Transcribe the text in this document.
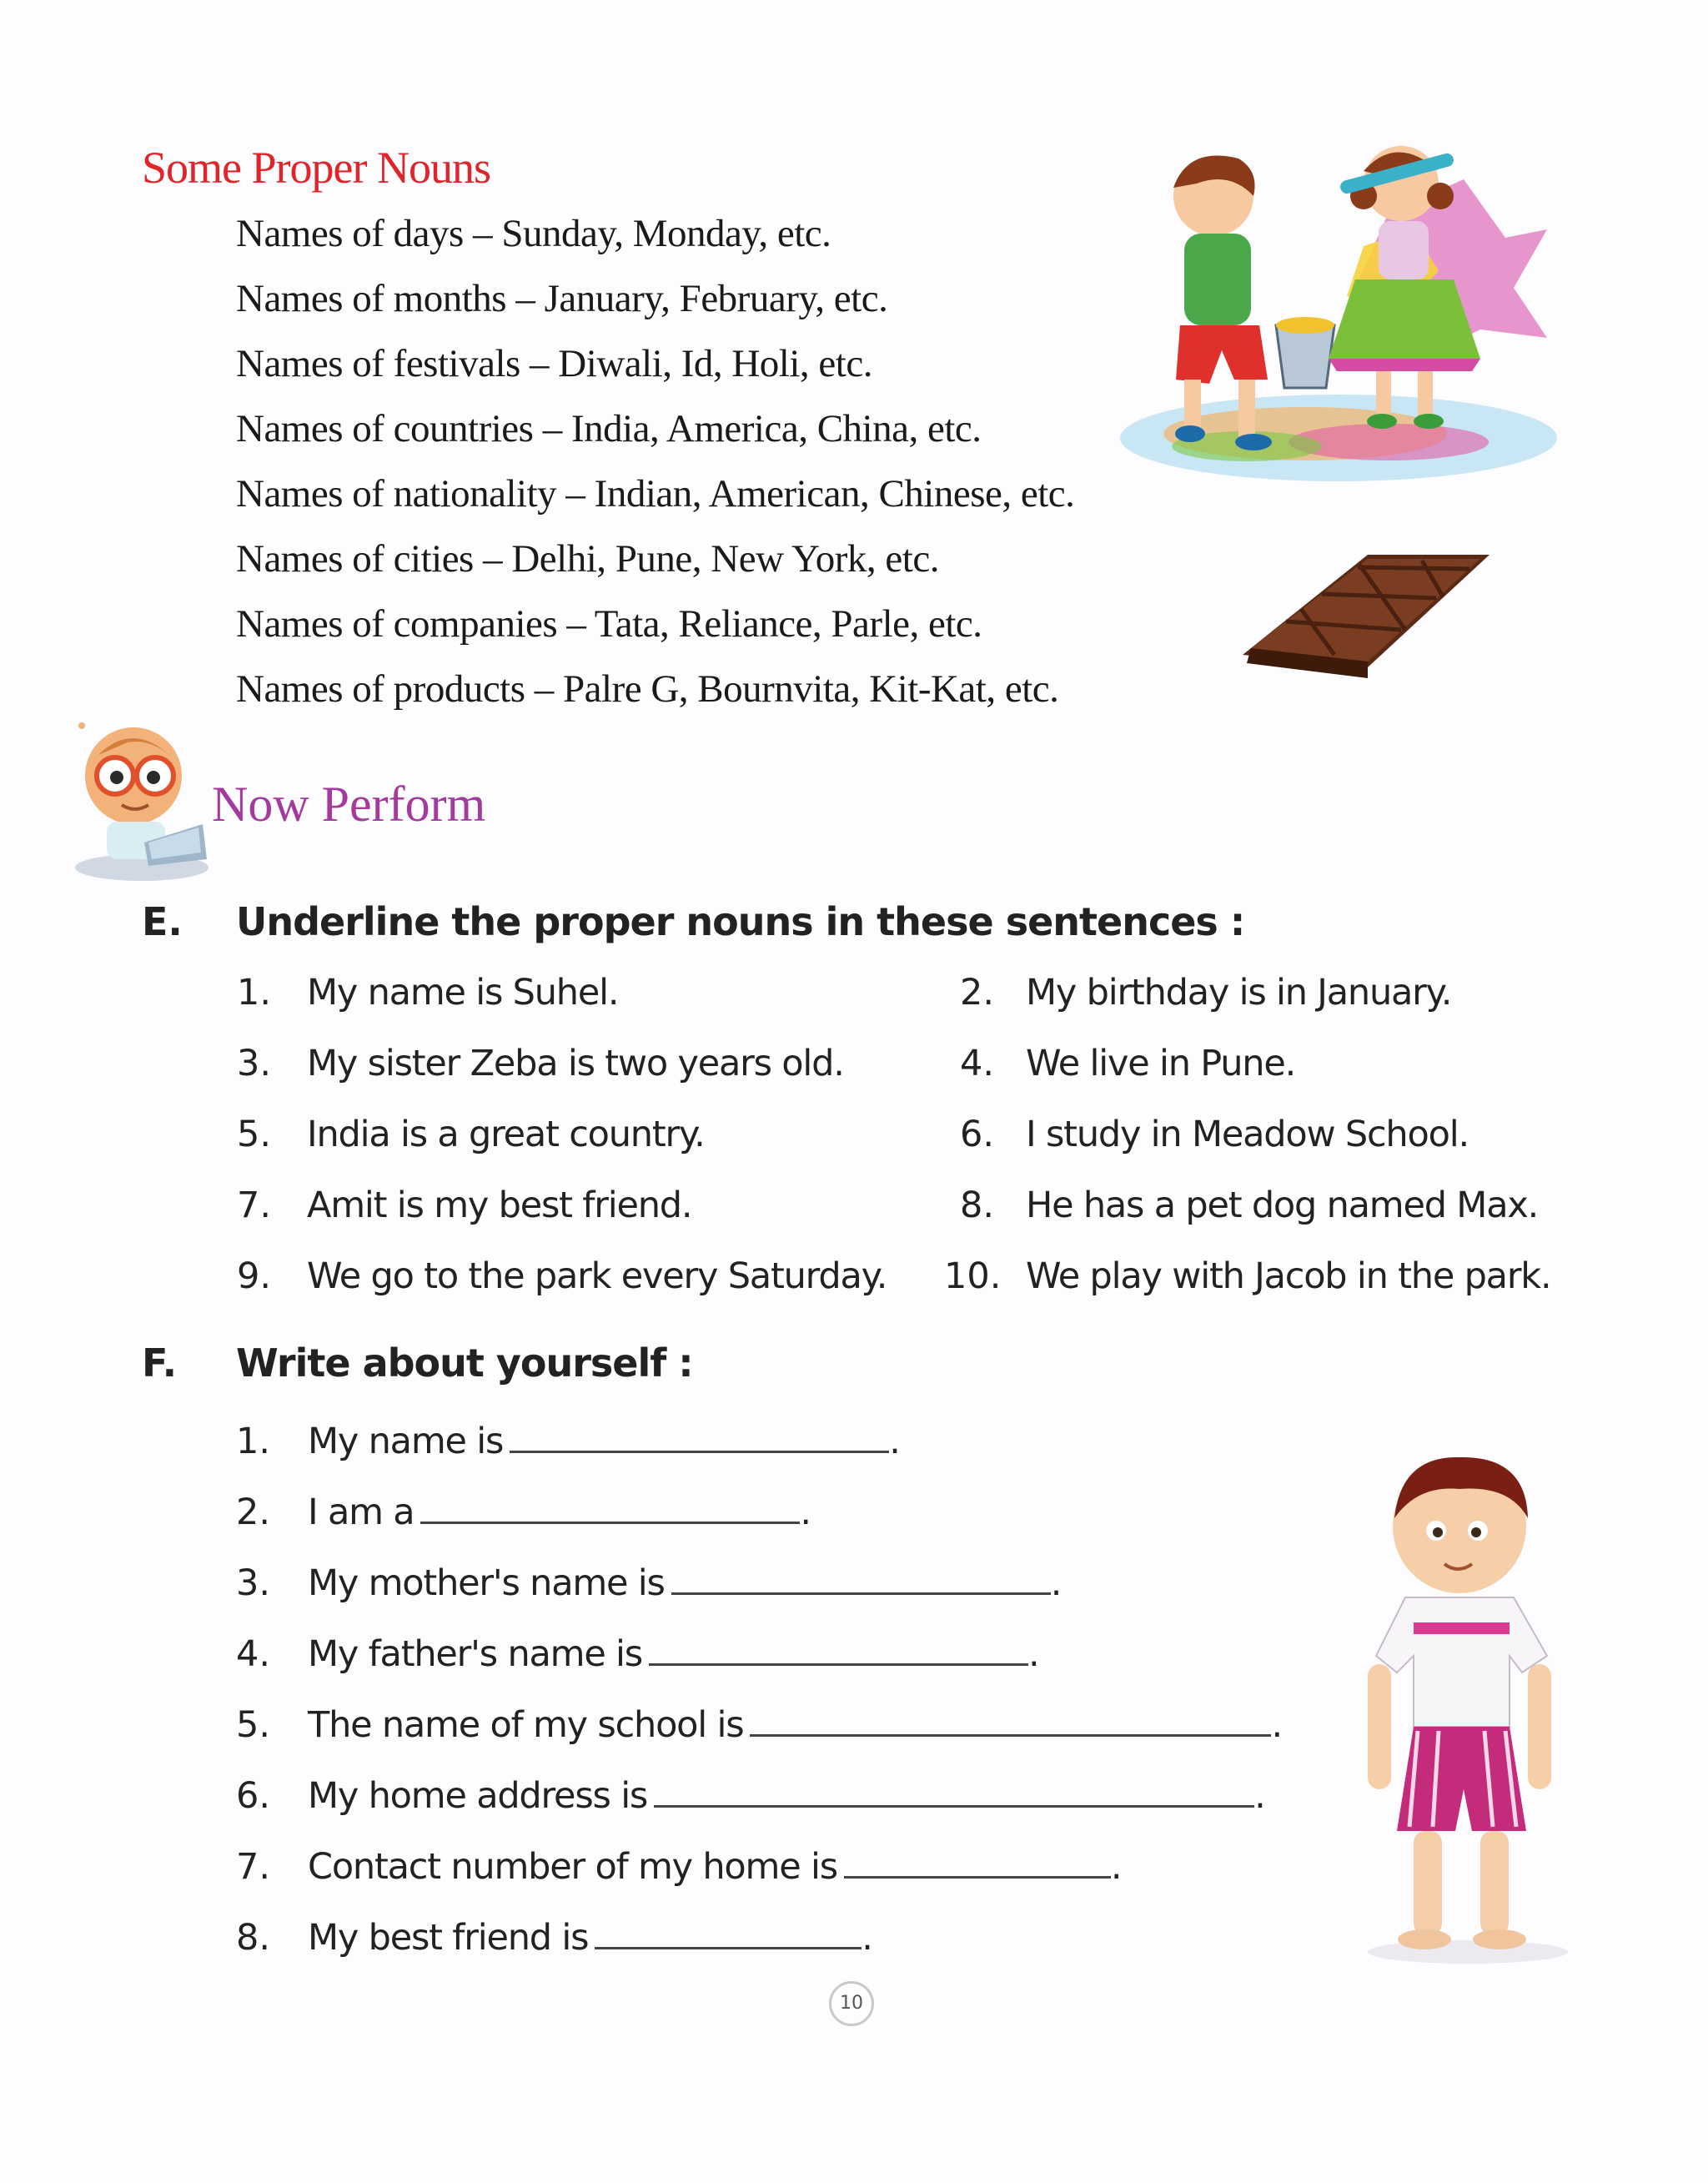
Some Proper Nouns
Names of days – Sunday, Monday, etc.
Names of months – January, February, etc.
Names of festivals – Diwali, Id, Holi, etc.
Names of countries – India, America, China, etc.
Names of nationality – Indian, American, Chinese, etc.
Names of cities – Delhi, Pune, New York, etc.
Names of companies – Tata, Reliance, Parle, etc.
Names of products – Palre G, Bournvita, Kit-Kat, etc.
Now Perform
E. Underline the proper nouns in these sentences :
1. My name is Suhel.	2. My birthday is in January.
3. My sister Zeba is two years old.	4. We live in Pune.
5. India is a great country.	6. I study in Meadow School.
7. Amit is my best friend.	8. He has a pet dog named Max.
9. We go to the park every Saturday. 10. We play with Jacob in the park.
F. Write about yourself :
1. My name is	.
2. I am a	.
3. My mother's name is	.
4. My father's name is	.
5. The name of my school is	.
6. My home address is	.
7. Contact number of my home is	.
8. My best friend is	.
10
